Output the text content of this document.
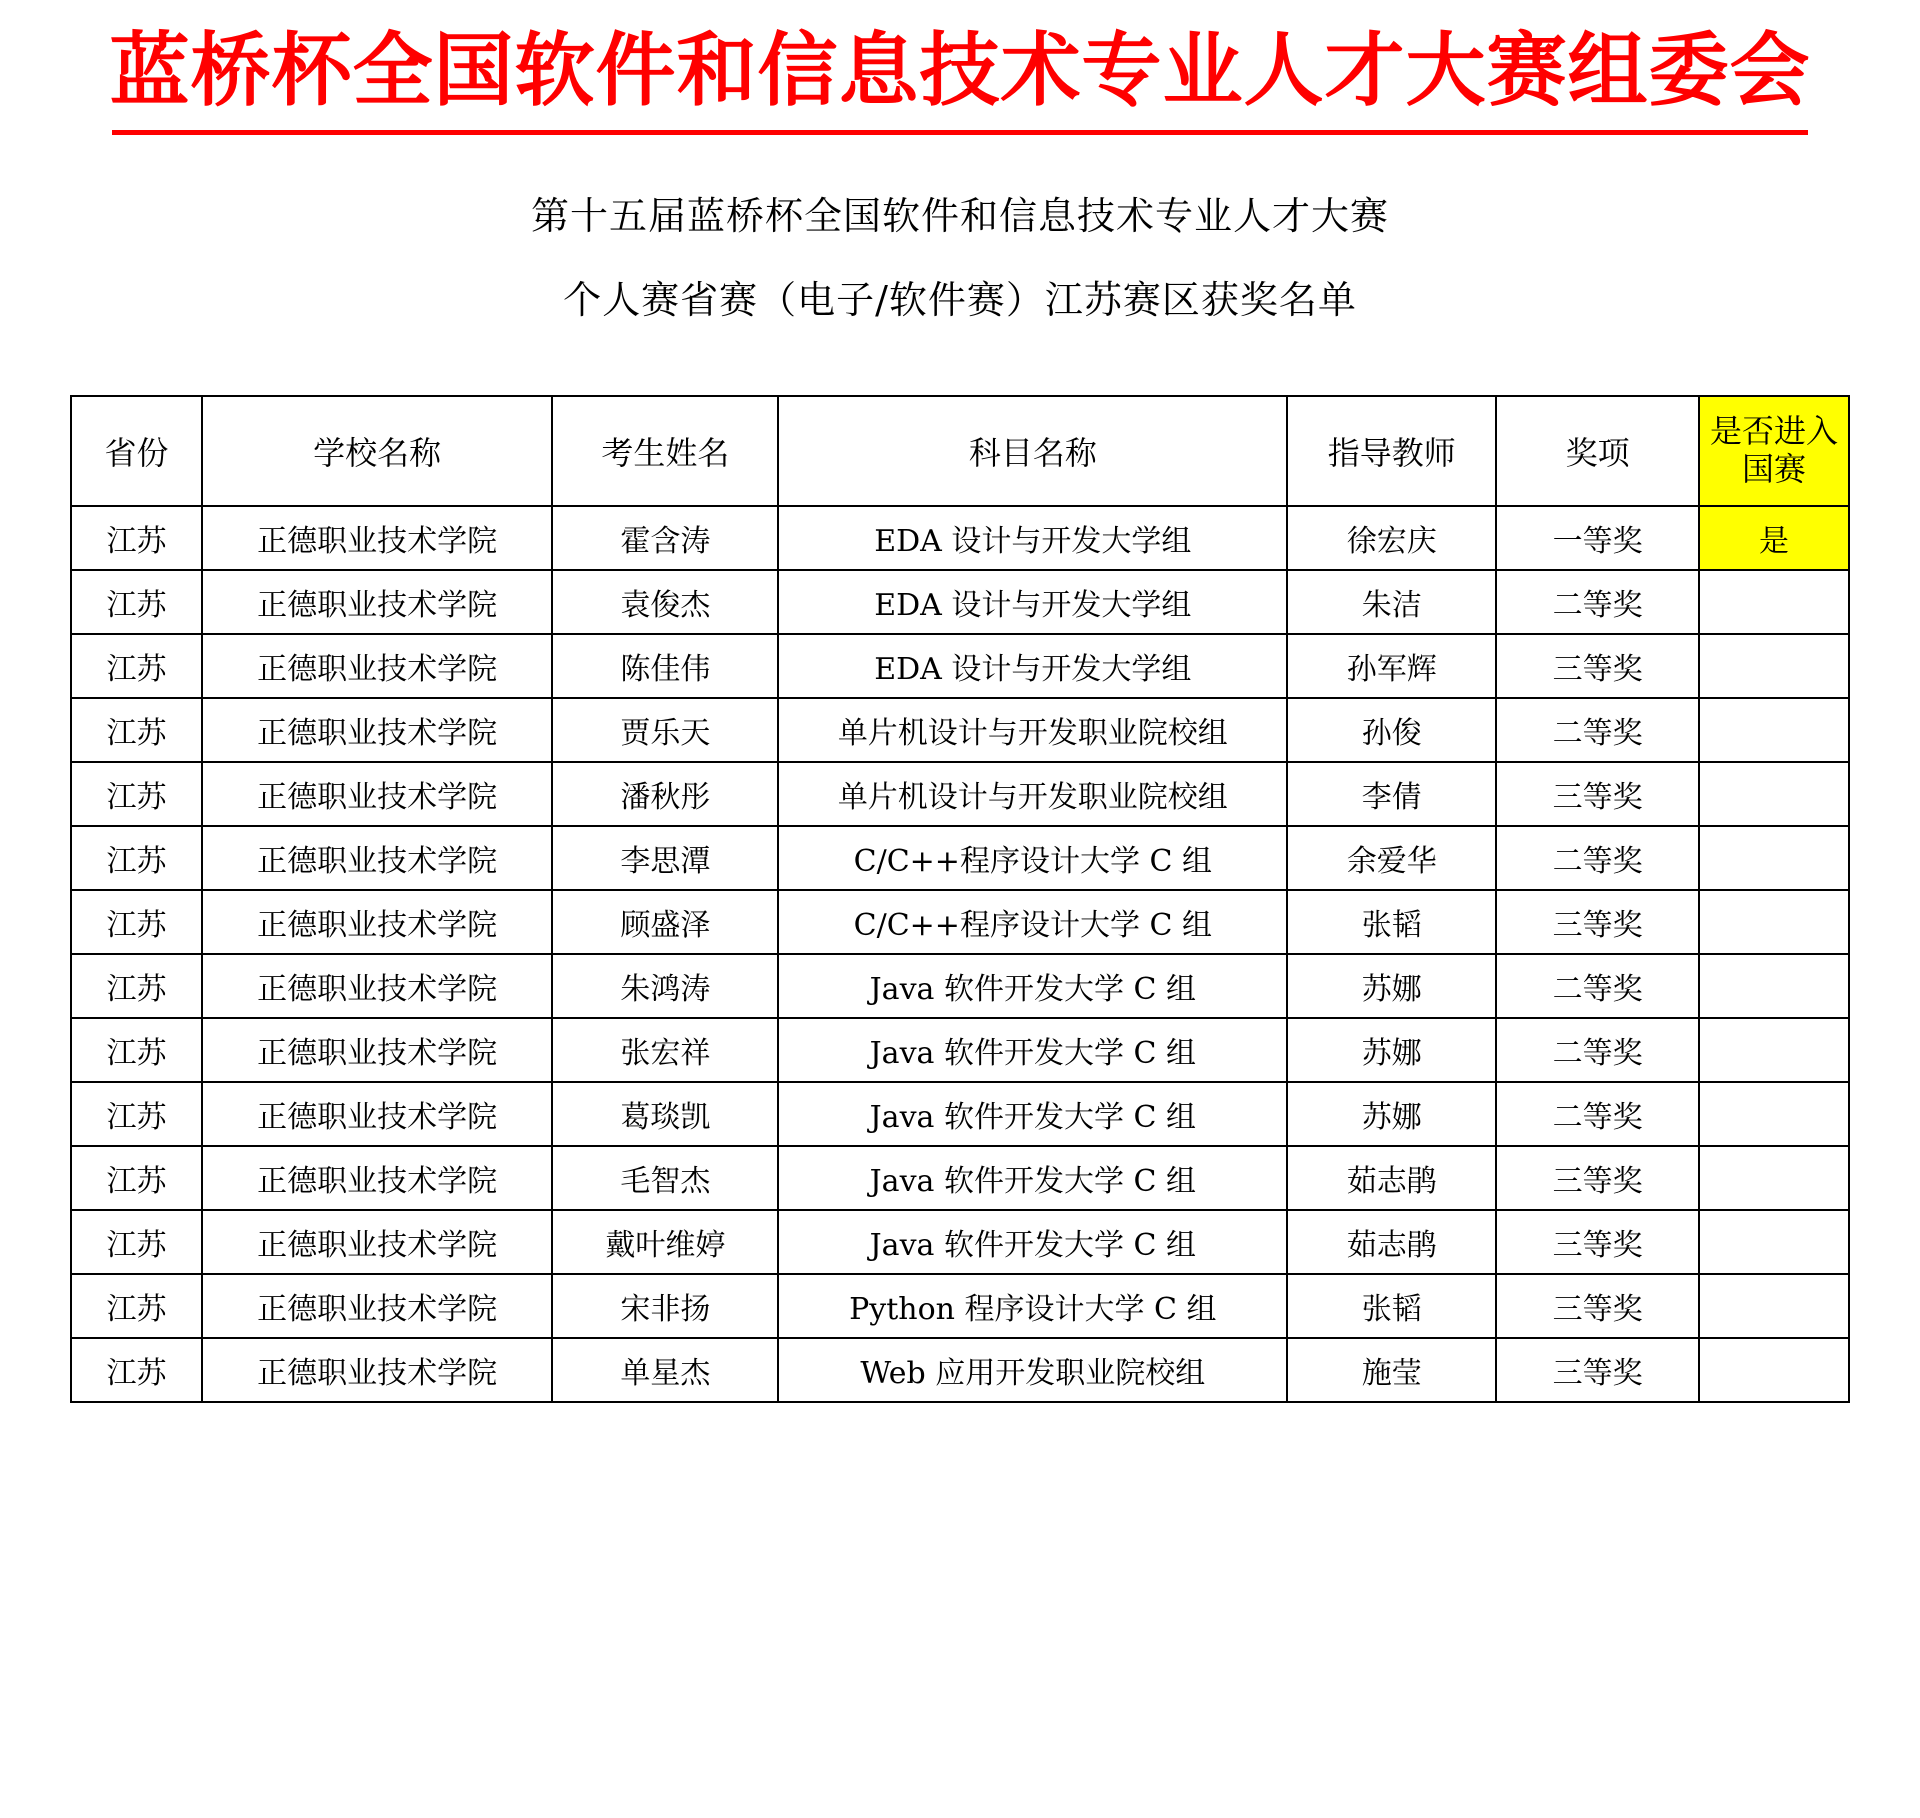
蓝桥杯全国软件和信息技术专业人才大赛组委会
第十五届蓝桥杯全国软件和信息技术专业人才大赛
个人赛省赛（电子/软件赛）江苏赛区获奖名单
省份	学校名称	考生姓名	科目名称	指导教师	奖项	是否进入国赛
江苏	正德职业技术学院	霍含涛	EDA 设计与开发大学组	徐宏庆	一等奖	是
江苏	正德职业技术学院	袁俊杰	EDA 设计与开发大学组	朱洁	二等奖	
江苏	正德职业技术学院	陈佳伟	EDA 设计与开发大学组	孙军辉	三等奖	
江苏	正德职业技术学院	贾乐天	单片机设计与开发职业院校组	孙俊	二等奖	
江苏	正德职业技术学院	潘秋彤	单片机设计与开发职业院校组	李倩	三等奖	
江苏	正德职业技术学院	李思潭	C/C++程序设计大学 C 组	余爱华	二等奖	
江苏	正德职业技术学院	顾盛泽	C/C++程序设计大学 C 组	张韬	三等奖	
江苏	正德职业技术学院	朱鸿涛	Java 软件开发大学 C 组	苏娜	二等奖	
江苏	正德职业技术学院	张宏祥	Java 软件开发大学 C 组	苏娜	二等奖	
江苏	正德职业技术学院	葛琰凯	Java 软件开发大学 C 组	苏娜	二等奖	
江苏	正德职业技术学院	毛智杰	Java 软件开发大学 C 组	茹志鹃	三等奖	
江苏	正德职业技术学院	戴叶维婷	Java 软件开发大学 C 组	茹志鹃	三等奖	
江苏	正德职业技术学院	宋非扬	Python 程序设计大学 C 组	张韬	三等奖	
江苏	正德职业技术学院	单星杰	Web 应用开发职业院校组	施莹	三等奖	
